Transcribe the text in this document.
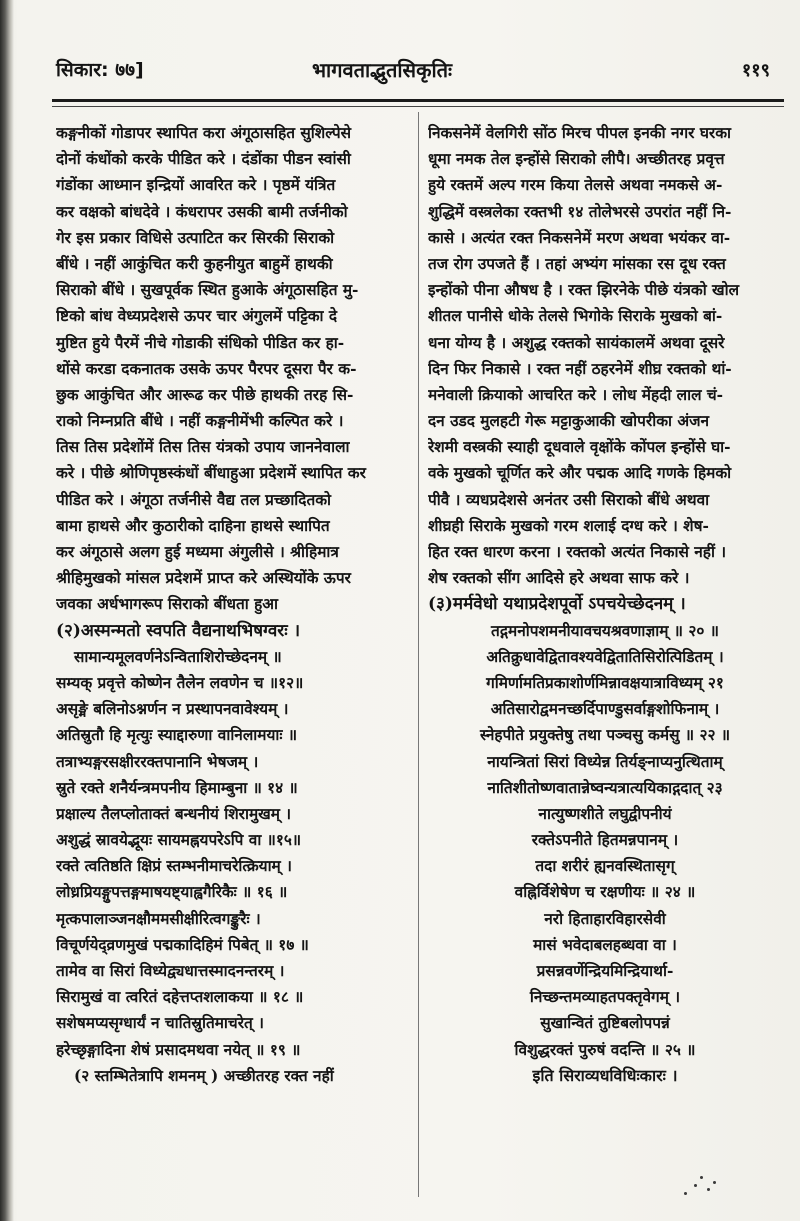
सिकार: ७७]	भागवताद्भुतसिकृतिः	११९
कङ्गनीकों गोडापर स्थापित करा अंगूठासहित सुशिल्पेसे
दोनों कंधोंको करके पीडित करे । दंडोंका पीडन स्वांसी
गंडोंका आध्मान इन्द्रियों आवरित करे । पृष्ठमें यंत्रित
कर वक्षको बांधदेवे । कंधरापर उसकी बामी तर्जनीको
गेर इस प्रकार विधिसे उत्पाटित कर सिरकी सिराको
बींधे । नहीं आकुंचित करी कुहनीयुत बाहुमें हाथकी
सिराको बींधे । सुखपूर्वक स्थित हुआके अंगूठासहित मु-
ष्टिको बांध वेध्यप्रदेशसे ऊपर चार अंगुलमें पट्टिका दे
मुष्टित हुये पैरमें नीचे गोडाकी संधिको पीडित कर हा-
थोंसे करडा दकनातक उसके ऊपर पैरपर दूसरा पैर क-
छुक आकुंचित और आरूढ कर पीछे हाथकी तरह सि-
राको निम्नप्रति बींधे । नहीं कङ्गनीमेंभी कल्पित करे ।
तिस तिस प्रदेशोंमें तिस तिस यंत्रको उपाय जाननेवाला
करे । पीछे श्रोणिपृष्ठस्कंधों बींधाहुआ प्रदेशमें स्थापित कर
पीडित करे । अंगूठा तर्जनीसे वैद्य तल प्रच्छादितको
बामा हाथसे और कुठारीको दाहिना हाथसे स्थापित
कर अंगूठासे अलग हुई मध्यमा अंगुलीसे । श्रीहिमात्र
श्रीहिमुखको मांसल प्रदेशमें प्राप्त करे अस्थियोंके ऊपर
जवका अर्धभागरूप सिराको बींधता हुआ
(२)अस्मन्मतो स्वपति वैद्यनाथभिषग्वरः ।
सामान्यमूलवर्णनेऽन्विताशिरोच्छेदनम् ॥
सम्यक् प्रवृत्ते कोष्णेन तैलेन लवणेन च ॥१२॥
असृङ्मे बलिनोऽश्नर्णन न प्रस्थापनवावेश्यम् ।
अतिस्रुतौ हि मृत्युः स्याद्दारुणा वानिलामयाः ॥
तत्राभ्यङ्गरसक्षीररक्तपानानि भेषजम् ।
स्रुते रक्ते शनैर्यन्त्रमपनीय हिमाम्बुना ॥ १४ ॥
प्रक्षाल्य तैलप्लोताक्तं बन्धनीयं शिरामुखम् ।
अशुद्धं स्रावयेद्भूयः सायमह्नयपरेऽपि वा ॥१५॥
रक्ते त्वतिष्ठति क्षिप्रं स्तम्भनीमाचरेत्क्रियाम् ।
लोध्रप्रियङ्गुपत्तङ्गमाषयष्ट्याह्वगैरिकैः ॥ १६ ॥
मृत्कपालाञ्जनक्षौममसीक्षीरित्वगङ्कुरैः ।
विचूर्णयेद्व्रणमुखं पद्मकादिहिमं पिबेत् ॥ १७ ॥
तामेव वा सिरां विध्येद्व्यधात्तस्मादनन्तरम् ।
सिरामुखं वा त्वरितं दहेत्तप्तशलाकया ॥ १८ ॥
सशेषमप्यसृग्धार्यं न चातिस्रुतिमाचरेत् ।
हरेच्छृङ्गादिना शेषं प्रसादमथवा नयेत् ॥ १९ ॥
(२ स्तम्भितेत्रापि शमनम् ) अच्छीतरह रक्त नहीं
निकसनेमें वेलगिरी सोंठ मिरच पीपल इनकी नगर घरका
धूमा नमक तेल इन्होंसे सिराको लीपै। अच्छीतरह प्रवृत्त
हुये रक्तमें अल्प गरम किया तेलसे अथवा नमकसे अ-
शुद्धिमें वस्त्रलेका रक्तभी १४ तोलेभरसे उपरांत नहीं नि-
कासे । अत्यंत रक्त निकसनेमें मरण अथवा भयंकर वा-
तज रोग उपजते हैं । तहां अभ्यंग मांसका रस दूध रक्त
इन्होंको पीना औषध है । रक्त झिरनेके पीछे यंत्रको खोल
शीतल पानीसे धोके तेलसे भिगोके सिराके मुखको बां-
धना योग्य है । अशुद्ध रक्तको सायंकालमें अथवा दूसरे
दिन फिर निकासे । रक्त नहीं ठहरनेमें शीघ्र रक्तको थां-
मनेवाली क्रियाको आचरित करे । लोध मेंहदी लाल चं-
दन उडद मुलहटी गेरू मट्टाकुआकी खोपरीका अंजन
रेशमी वस्त्रकी स्याही दूधवाले वृक्षोंके कोंपल इन्होंसे घा-
वके मुखको चूर्णित करे और पद्मक आदि गणके हिमको
पीवै । व्यधप्रदेशसे अनंतर उसी सिराको बींधे अथवा
शीघ्रही सिराके मुखको गरम शलाई दग्ध करे । शेष-
हित रक्त धारण करना । रक्तको अत्यंत निकासे नहीं ।
शेष रक्तको सींग आदिसे हरे अथवा साफ करे ।
(३)मर्मवेधो यथाप्रदेशपूर्वो ऽपचयेच्छेदनम् ।
तद्गमनोपशमनीयावचयश्रवणाज्ञाम् ॥ २० ॥
अतिक्रुधावेद्वितावश्यवेद्वितातिसिरोत्पिडितम् ।
गमिर्णामतिप्रकाशोर्णमिन्नावक्षयात्राविध्यम् २१
अतिसारोद्वमनच्छर्दिपाण्डुसर्वाङ्गशोफिनाम् ।
स्नेहपीते प्रयुक्तेषु तथा पञ्चसु कर्मसु ॥ २२ ॥
नायन्त्रितां सिरां विध्येन्न तिर्यङ्नाप्यनुत्थिताम्
नातिशीतोष्णवातान्नेष्वन्यत्रात्ययिकाद्गदात् २३
नात्युष्णशीते लघुद्वीपनीयं
रक्तेऽपनीते हितमन्नपानम् ।
तदा शरीरं ह्यनवस्थितासृग्
वह्निर्विशेषेण च रक्षणीयः ॥ २४ ॥
नरो हिताहारविहारसेवी
मासं भवेदाबलहब्धवा वा ।
प्रसन्नवर्णेन्द्रियमिन्द्रियार्था-
निच्छन्तमव्याहतपक्तृवेगम् ।
सुखान्वितं तुष्टिबलोपपन्नं
विशुद्धरक्तं पुरुषं वदन्ति ॥ २५ ॥
इति सिराव्यधविधिःकारः ।
